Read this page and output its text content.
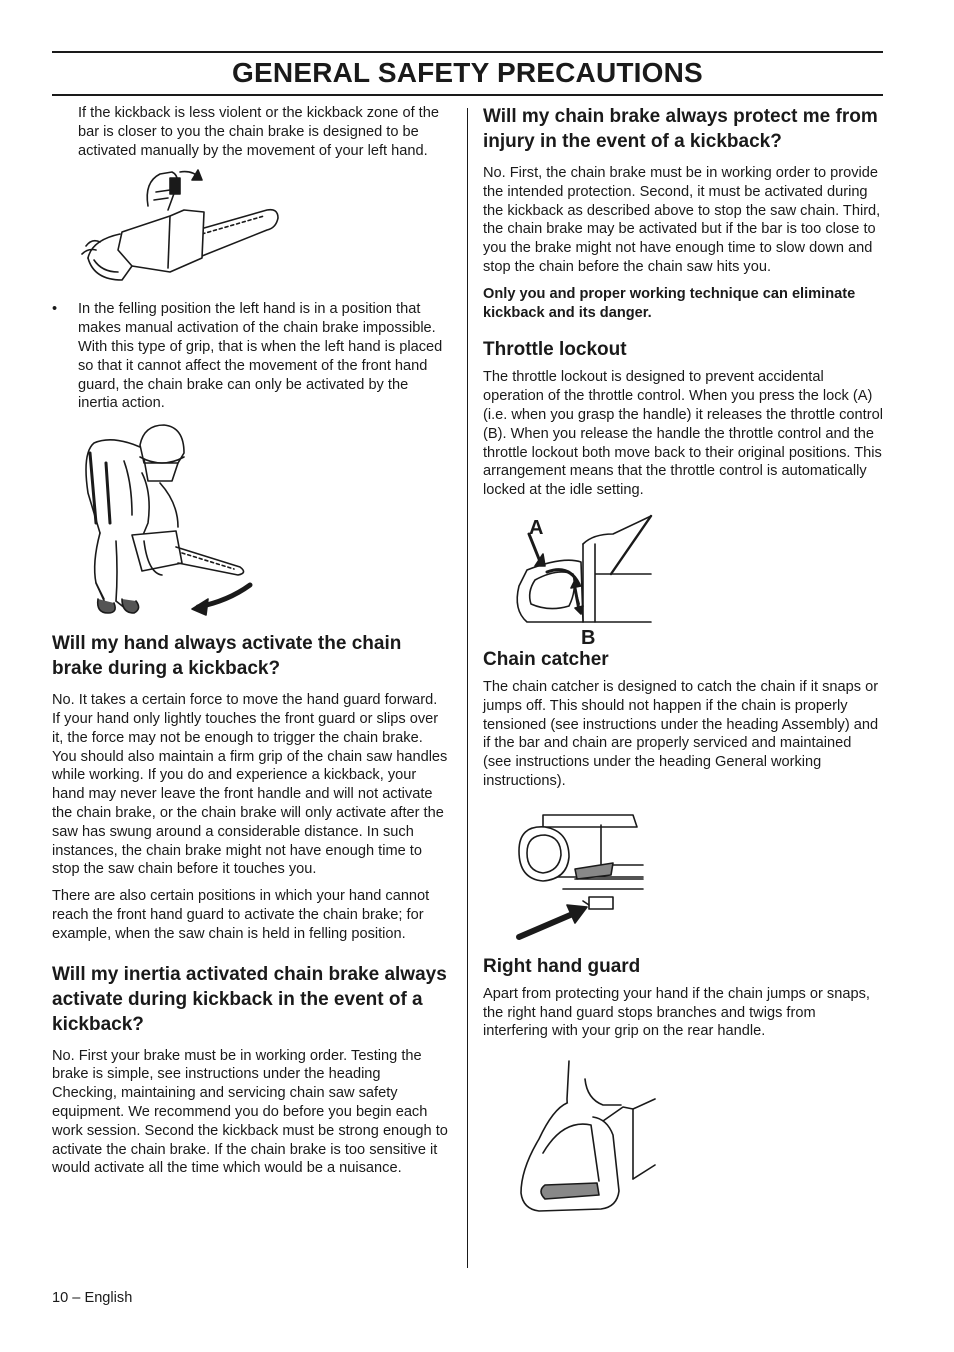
GENERAL SAFETY PRECAUTIONS

If the kickback is less violent or the kickback zone of the bar is closer to you the chain brake is designed to be activated manually by the movement of your left hand.

• In the felling position the left hand is in a position that makes manual activation of the chain brake impossible. With this type of grip, that is when the left hand is placed so that it cannot affect the movement of the front hand guard, the chain brake can only be activated by the inertia action.

Will my hand always activate the chain brake during a kickback?

No. It takes a certain force to move the hand guard forward. If your hand only lightly touches the front guard or slips over it, the force may not be enough to trigger the chain brake. You should also maintain a firm grip of the chain saw handles while working. If you do and experience a kickback, your hand may never leave the front handle and will not activate the chain brake, or the chain brake will only activate after the saw has swung around a considerable distance. In such instances, the chain brake might not have enough time to stop the saw chain before it touches you.

There are also certain positions in which your hand cannot reach the front hand guard to activate the chain brake; for example, when the saw chain is held in felling position.

Will my inertia activated chain brake always activate during kickback in the event of a kickback?

No. First your brake must be in working order. Testing the brake is simple, see instructions under the heading Checking, maintaining and servicing chain saw safety equipment. We recommend you do before you begin each work session. Second the kickback must be strong enough to activate the chain brake. If the chain brake is too sensitive it would activate all the time which would be a nuisance.

Will my chain brake always protect me from injury in the event of a kickback?

No. First, the chain brake must be in working order to provide the intended protection. Second, it must be activated during the kickback as described above to stop the saw chain. Third, the chain brake may be activated but if the bar is too close to you the brake might not have enough time to slow down and stop the chain before the chain saw hits you.

Only you and proper working technique can eliminate kickback and its danger.

Throttle lockout

The throttle lockout is designed to prevent accidental operation of the throttle control. When you press the lock (A) (i.e. when you grasp the handle) it releases the throttle control (B). When you release the handle the throttle control and the throttle lockout both move back to their original positions. This arrangement means that the throttle control is automatically locked at the idle setting.

A
B
Chain catcher

The chain catcher is designed to catch the chain if it snaps or jumps off. This should not happen if the chain is properly tensioned (see instructions under the heading Assembly) and if the bar and chain are properly serviced and maintained (see instructions under the heading General working instructions).

Right hand guard

Apart from protecting your hand if the chain jumps or snaps, the right hand guard stops branches and twigs from interfering with your grip on the rear handle.

10 – English
